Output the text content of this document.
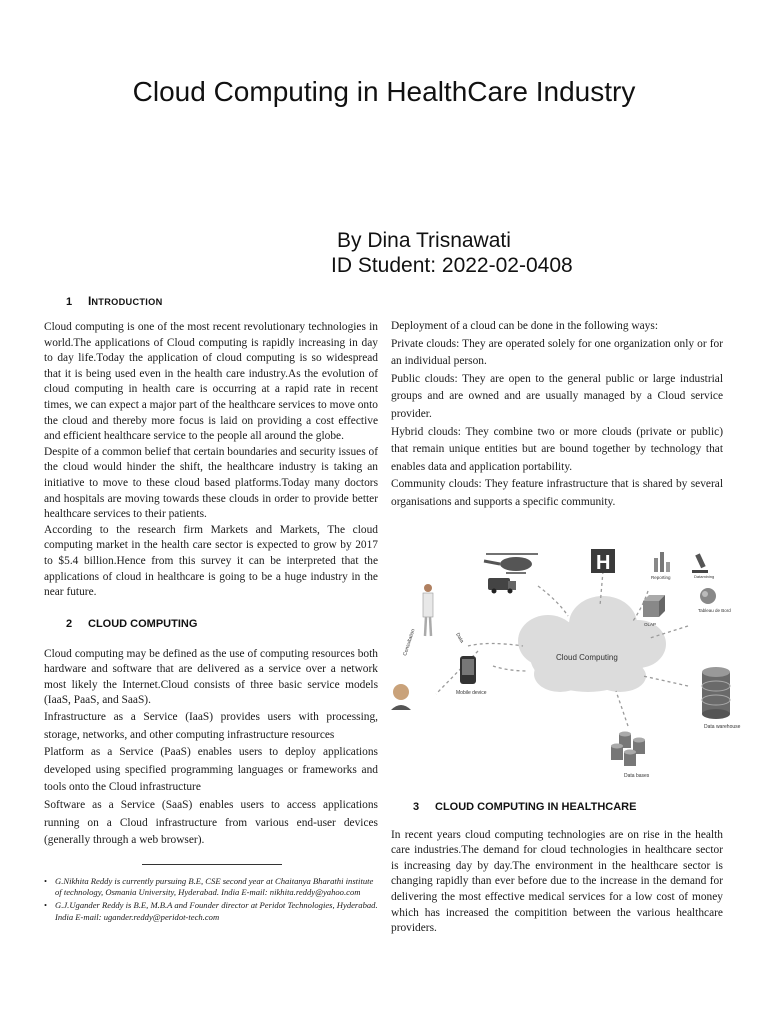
Cloud Computing in HealthCare Industry
By Dina Trisnawati
ID Student: 2022-02-0408
1 INTRODUCTION

Cloud computing is one of the most recent revolutionary technologies in world.The applications of Cloud computing is rapidly increasing in day to day life.Today the application of cloud computing is so widespread that it is being used even in the health care industry.As the evolution of cloud computing in health care is occurring at a rapid rate in recent times, we can expect a major part of the healthcare services to move onto the cloud and thereby more focus is laid on providing a cost effective and efficient healthcare service to the people all around the globe.

Despite of a common belief that certain boundaries and security issues of the cloud would hinder the shift, the healthcare industry is taking an initiative to move to these cloud based platforms.Today many doctors and hospitals are moving towards these clouds in order to provide better healthcare services to their patients.

According to the research firm Markets and Markets, The cloud computing market in the health care sector is expected to grow by 2017 to $5.4 billion.Hence from this survey it can be interpreted that the applications of cloud in healthcare is going to be a huge industry in the near future.

2 CLOUD COMPUTING

Cloud computing may be defined as the use of computing resources both hardware and software that are delivered as a service over a network most likely the Internet.Cloud consists of three basic service models (IaaS, PaaS, and SaaS).

Infrastructure as a Service (IaaS) provides users with processing, storage, networks, and other computing infrastructure resources

Platform as a Service (PaaS) enables users to deploy applications developed using specified programming languages or frameworks and tools onto the Cloud infrastructure

Software as a Service (SaaS) enables users to access applications running on a Cloud infrastructure from various end-user devices (generally through a web browser).

• G.Nikhita Reddy is currently pursuing B.E, CSE second year at Chaitanya Bharathi institute of technology, Osmania University, Hyderabad. India E-mail: nikhita.reddy@yahoo.com

• G.J.Ugander Reddy is B.E, M.B.A and Founder director at Peridot Technologies, Hyderabad. India E-mail: ugander.reddy@peridot-tech.com

Deployment of a cloud can be done in the following ways:

Private clouds: They are operated solely for one organization only or for an individual person.

Public clouds: They are open to the general public or large industrial groups and are owned and are usually managed by a Cloud service provider.

Hybrid clouds: They combine two or more clouds (private or public) that remain unique entities but are bound together by technology that enables data and application portability.

Community clouds: They feature infrastructure that is shared by several organisations and supports a specific community.

Cloud Computing
H
Reporting	Datamining
OLAP
Tableau de Bord
Consultation	Data
Mobile device
Data warehouse
Data bases
3 CLOUD COMPUTING IN HEALTHCARE

In recent years cloud computing technologies are on rise in the health care industries.The demand for cloud technologies in healthcare sector is increasing day by day.The environment in the healthcare sector is changing rapidly than ever before due to the increase in the demand for delivering the most effective medical services for a low cost of money which has increased the compitition between the various healthcare providers.
